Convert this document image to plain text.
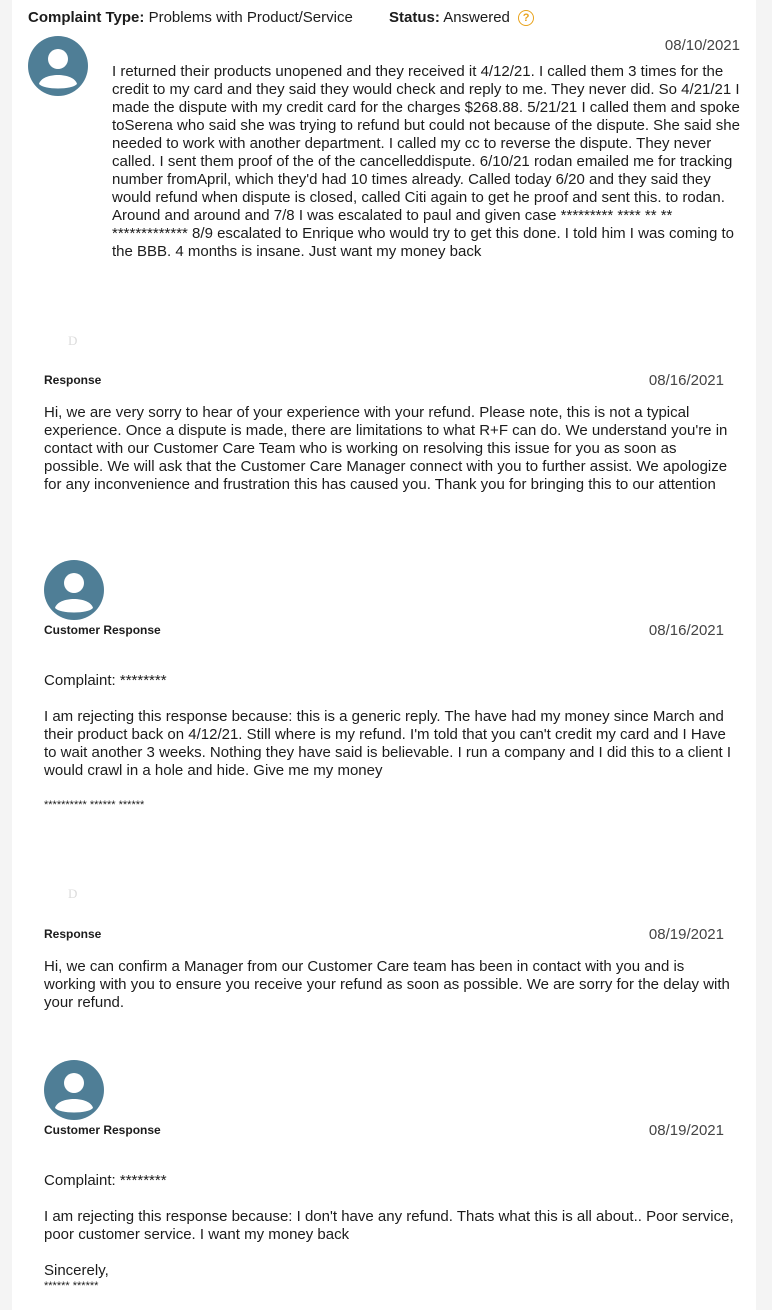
Complaint Type: Problems with Product/Service Status: Answered ?
08/10/2021
I returned their products unopened and they received it 4/12/21. I called them 3 times for the credit to my card and they said they would check and reply to me. They never did. So 4/21/21 I made the dispute with my credit card for the charges $268.88. 5/21/21 I called them and spoke toSerena who said she was trying to refund but could not because of the dispute. She said she needed to work with another department. I called my cc to reverse the dispute. They never called. I sent them proof of the of the cancelleddispute. 6/10/21 rodan emailed me for tracking number fromApril, which they'd had 10 times already. Called today 6/20 and they said they would refund when dispute is closed, called Citi again to get he proof and sent this. to rodan. Around and around and 7/8 I was escalated to paul and given case ********* **** ** ** ************* 8/9 escalated to Enrique who would try to get this done. I told him I was coming to the BBB. 4 months is insane. Just want my money back
D
Response	08/16/2021
Hi, we are very sorry to hear of your experience with your refund. Please note, this is not a typical experience. Once a dispute is made, there are limitations to what R+F can do. We understand you're in contact with our Customer Care Team who is working on resolving this issue for you as soon as possible. We will ask that the Customer Care Manager connect with you to further assist. We apologize for any inconvenience and frustration this has caused you. Thank you for bringing this to our attention
Customer Response	08/16/2021
Complaint: ********
I am rejecting this response because: this is a generic reply. The have had my money since March and their product back on 4/12/21. Still where is my refund. I'm told that you can't credit my card and I Have to wait another 3 weeks. Nothing they have said is believable. I run a company and I did this to a client I would crawl in a hole and hide. Give me my money
********** ****** ******
D
Response	08/19/2021
Hi, we can confirm a Manager from our Customer Care team has been in contact with you and is working with you to ensure you receive your refund as soon as possible. We are sorry for the delay with your refund.
Customer Response	08/19/2021
Complaint: ********
I am rejecting this response because: I don't have any refund. Thats what this is all about.. Poor service, poor customer service. I want my money back
Sincerely,
****** ******
